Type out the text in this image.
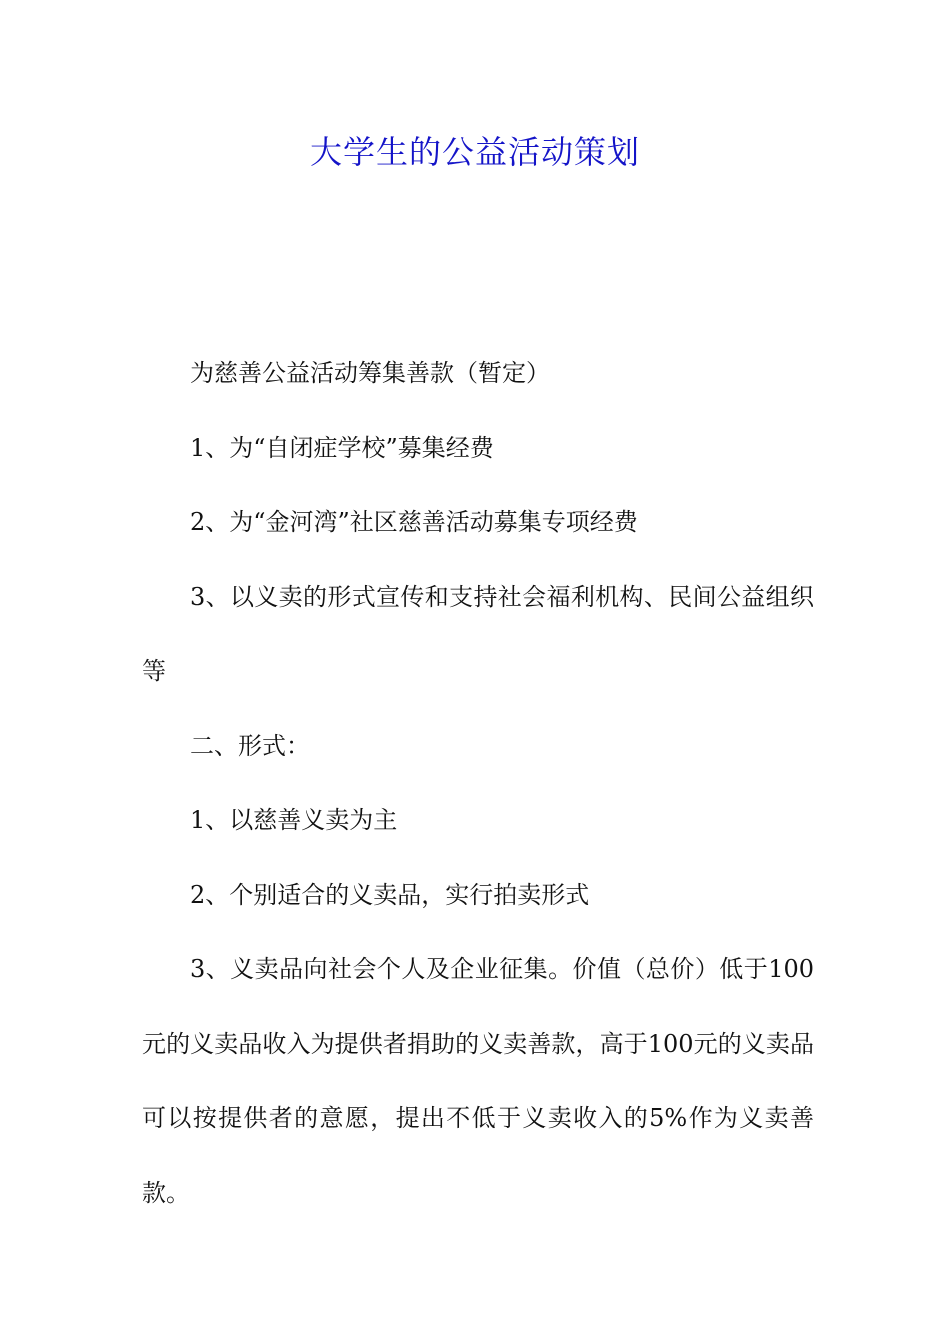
大学生的公益活动策划

为慈善公益活动筹集善款（暂定）

1、为“自闭症学校”募集经费

2、为“金河湾”社区慈善活动募集专项经费

3、以义卖的形式宣传和支持社会福利机构、民间公益组织等

二、形式：

1、以慈善义卖为主

2、个别适合的义卖品，实行拍卖形式

3、义卖品向社会个人及企业征集。价值（总价）低于100元的义卖品收入为提供者捐助的义卖善款，高于100元的义卖品可以按提供者的意愿，提出不低于义卖收入的5%作为义卖善款。
